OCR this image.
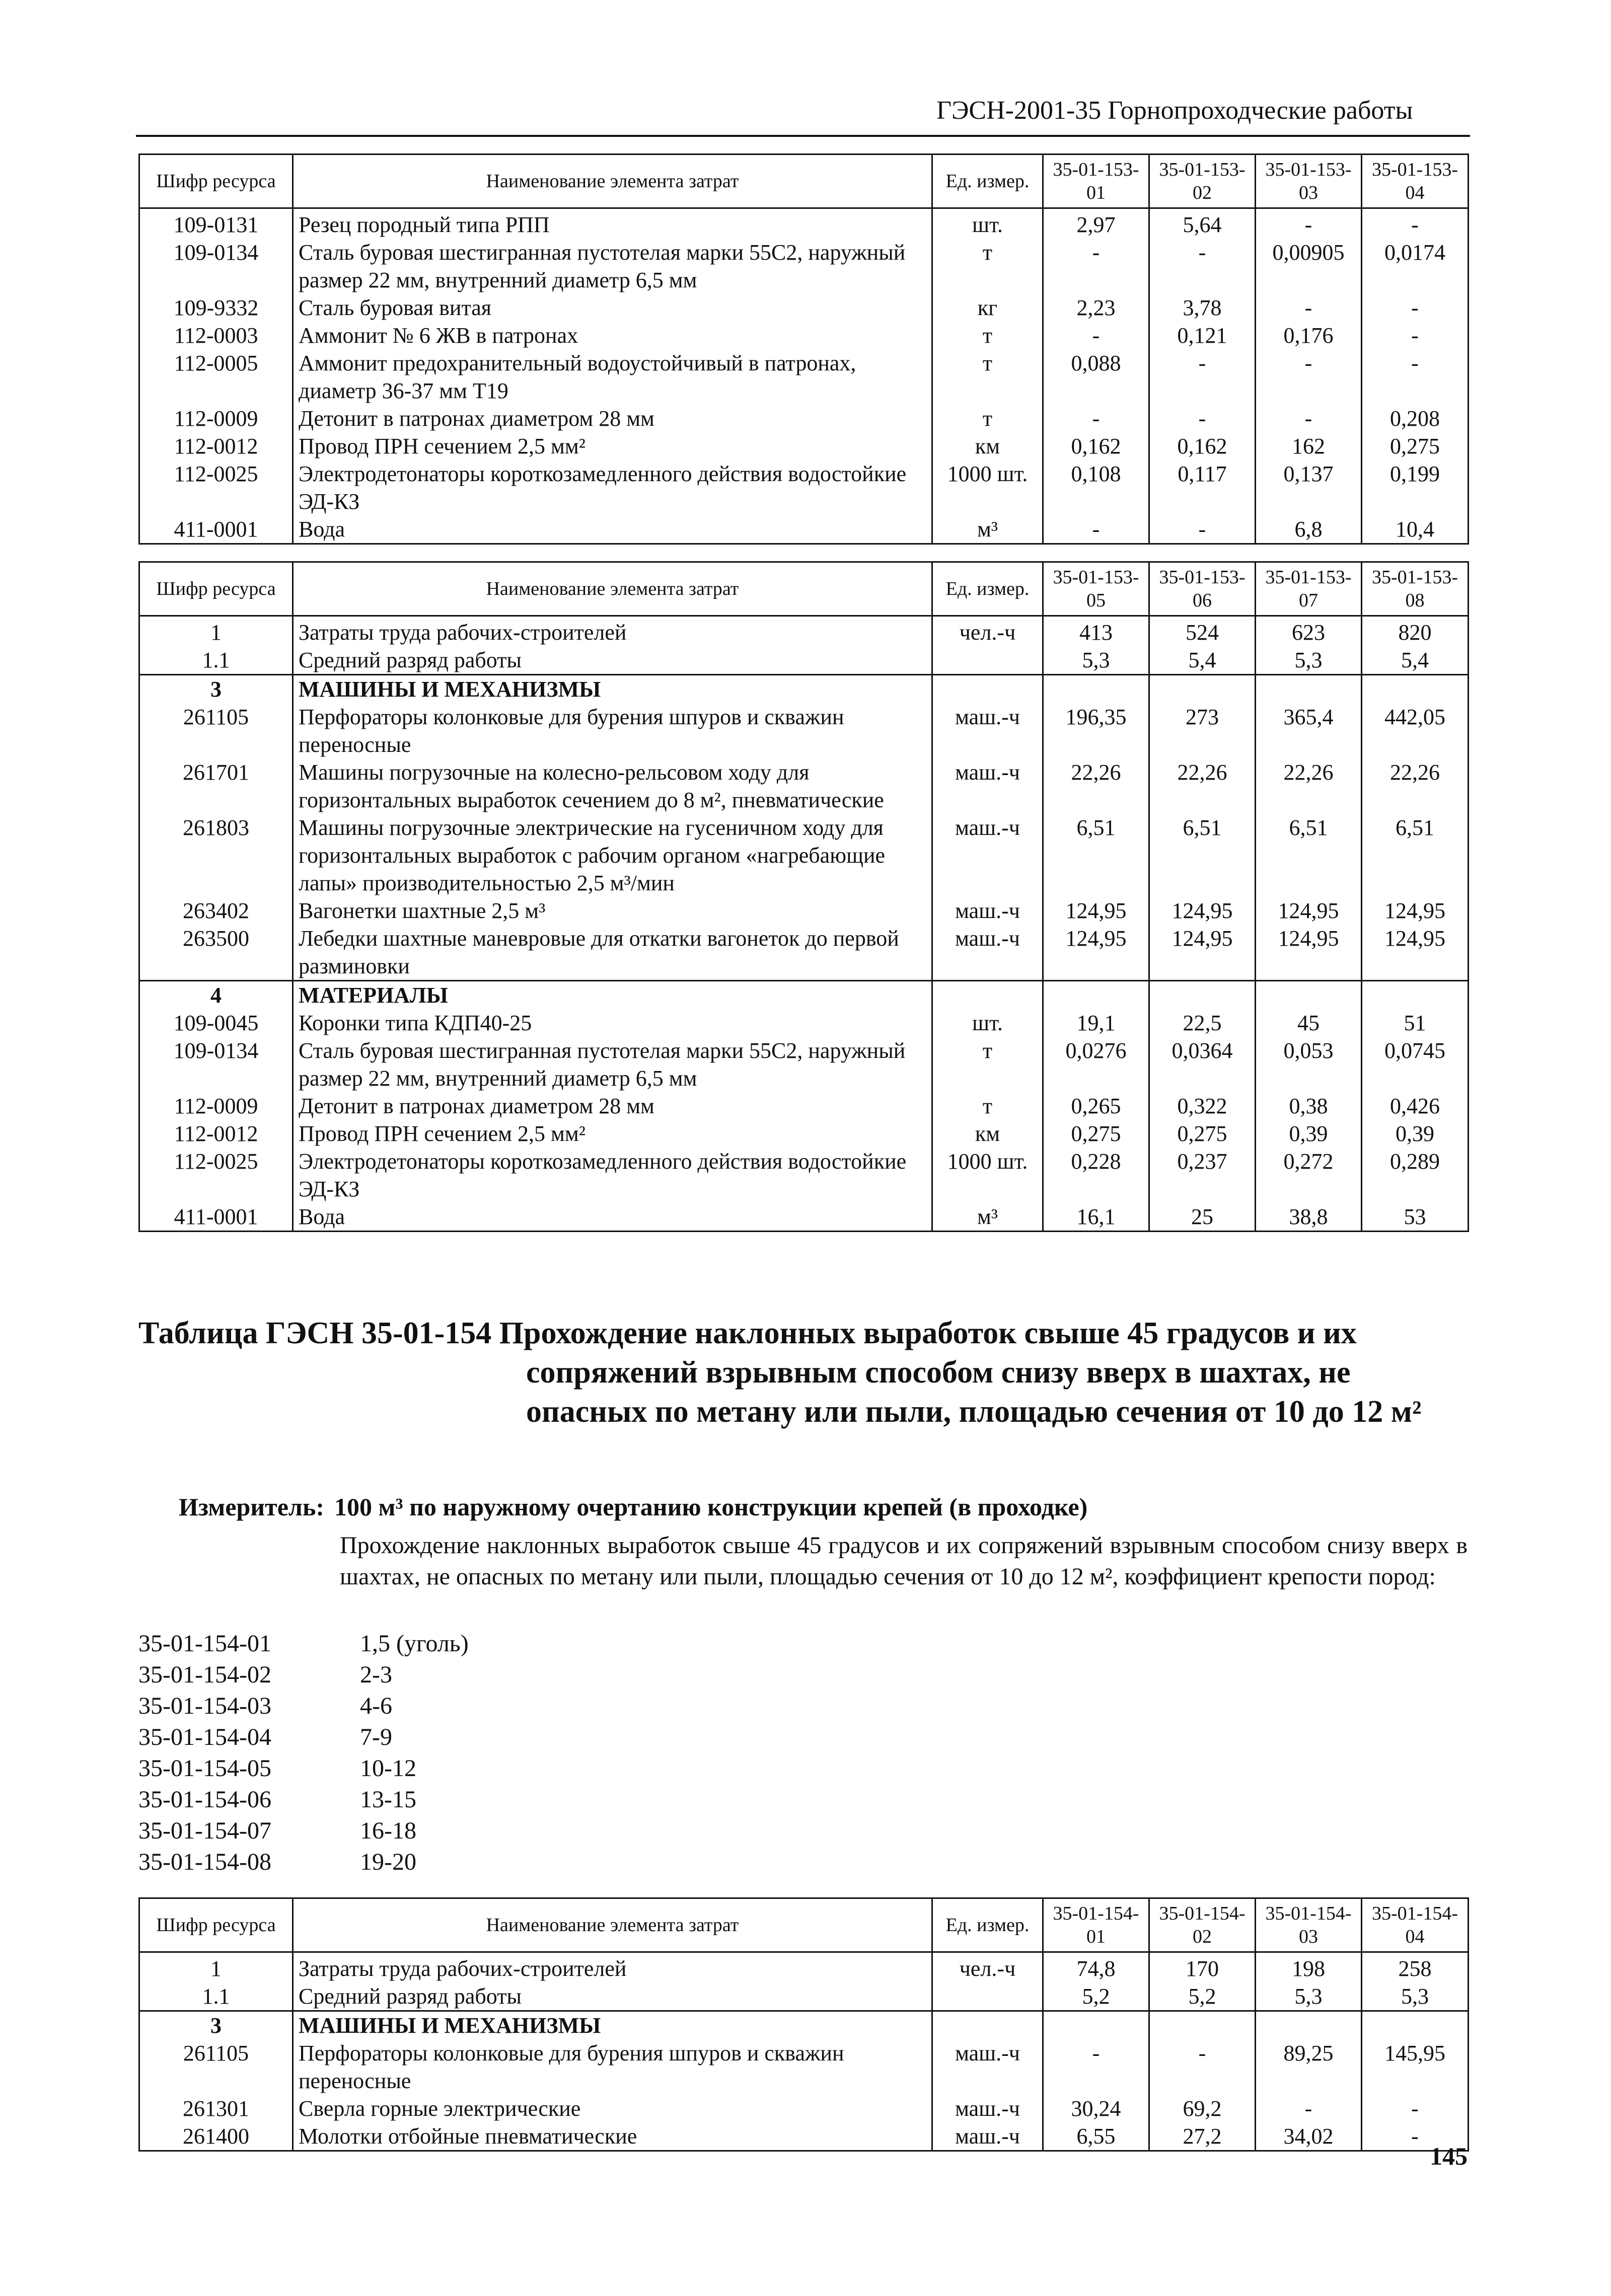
ГЭСН-2001-35 Горнопроходческие работы
Шифр ресурса	Наименование элемента затрат	Ед. измер.	35-01-153-01	35-01-153-02	35-01-153-03	35-01-153-04
109-0131	Резец породный типа РПП	шт.	2,97	5,64	-	-
109-0134	Сталь буровая шестигранная пустотелая марки 55С2, наружный размер 22 мм, внутренний диаметр 6,5 мм	т	-	-	0,00905	0,0174
109-9332	Сталь буровая витая	кг	2,23	3,78	-	-
112-0003	Аммонит № 6 ЖВ в патронах	т	-	0,121	0,176	-
112-0005	Аммонит предохранительный водоустойчивый в патронах, диаметр 36-37 мм Т19	т	0,088	-	-	-
112-0009	Детонит в патронах диаметром 28 мм	т	-	-	-	0,208
112-0012	Провод ПРН сечением 2,5 мм²	км	0,162	0,162	162	0,275
112-0025	Электродетонаторы короткозамедленного действия водостойкие ЭД-КЗ	1000 шт.	0,108	0,117	0,137	0,199
411-0001	Вода	м³	-	-	6,8	10,4
Шифр ресурса	Наименование элемента затрат	Ед. измер.	35-01-153-05	35-01-153-06	35-01-153-07	35-01-153-08
1	Затраты труда рабочих-строителей	чел.-ч	413	524	623	820
1.1	Средний разряд работы		5,3	5,4	5,3	5,4
3	МАШИНЫ И МЕХАНИЗМЫ					
261105	Перфораторы колонковые для бурения шпуров и скважин переносные	маш.-ч	196,35	273	365,4	442,05
261701	Машины погрузочные на колесно-рельсовом ходу для горизонтальных выработок сечением до 8 м², пневматические	маш.-ч	22,26	22,26	22,26	22,26
261803	Машины погрузочные электрические на гусеничном ходу для горизонтальных выработок с рабочим органом «нагребающие лапы» производительностью 2,5 м³/мин	маш.-ч	6,51	6,51	6,51	6,51
263402	Вагонетки шахтные 2,5 м³	маш.-ч	124,95	124,95	124,95	124,95
263500	Лебедки шахтные маневровые для откатки вагонеток до первой разминовки	маш.-ч	124,95	124,95	124,95	124,95
4	МАТЕРИАЛЫ					
109-0045	Коронки типа КДП40-25	шт.	19,1	22,5	45	51
109-0134	Сталь буровая шестигранная пустотелая марки 55С2, наружный размер 22 мм, внутренний диаметр 6,5 мм	т	0,0276	0,0364	0,053	0,0745
112-0009	Детонит в патронах диаметром 28 мм	т	0,265	0,322	0,38	0,426
112-0012	Провод ПРН сечением 2,5 мм²	км	0,275	0,275	0,39	0,39
112-0025	Электродетонаторы короткозамедленного действия водостойкие ЭД-КЗ	1000 шт.	0,228	0,237	0,272	0,289
411-0001	Вода	м³	16,1	25	38,8	53
Таблица ГЭСН 35-01-154 Прохождение наклонных выработок свыше 45 градусов и их
сопряжений взрывным способом снизу вверх в шахтах, не опасных по метану или пыли, площадью сечения от 10 до 12 м²
Измеритель: 100 м³ по наружному очертанию конструкции крепей (в проходке)
Прохождение наклонных выработок свыше 45 градусов и их сопряжений взрывным способом снизу вверх в шахтах, не опасных по метану или пыли, площадью сечения от 10 до 12 м², коэффициент крепости пород:
35-01-154-01	1,5 (уголь)
35-01-154-02	2-3
35-01-154-03	4-6
35-01-154-04	7-9
35-01-154-05	10-12
35-01-154-06	13-15
35-01-154-07	16-18
35-01-154-08	19-20
Шифр ресурса	Наименование элемента затрат	Ед. измер.	35-01-154-01	35-01-154-02	35-01-154-03	35-01-154-04
1	Затраты труда рабочих-строителей	чел.-ч	74,8	170	198	258
1.1	Средний разряд работы		5,2	5,2	5,3	5,3
3	МАШИНЫ И МЕХАНИЗМЫ					
261105	Перфораторы колонковые для бурения шпуров и скважин переносные	маш.-ч	-	-	89,25	145,95
261301	Сверла горные электрические	маш.-ч	30,24	69,2	-	-
261400	Молотки отбойные пневматические	маш.-ч	6,55	27,2	34,02	-
145
